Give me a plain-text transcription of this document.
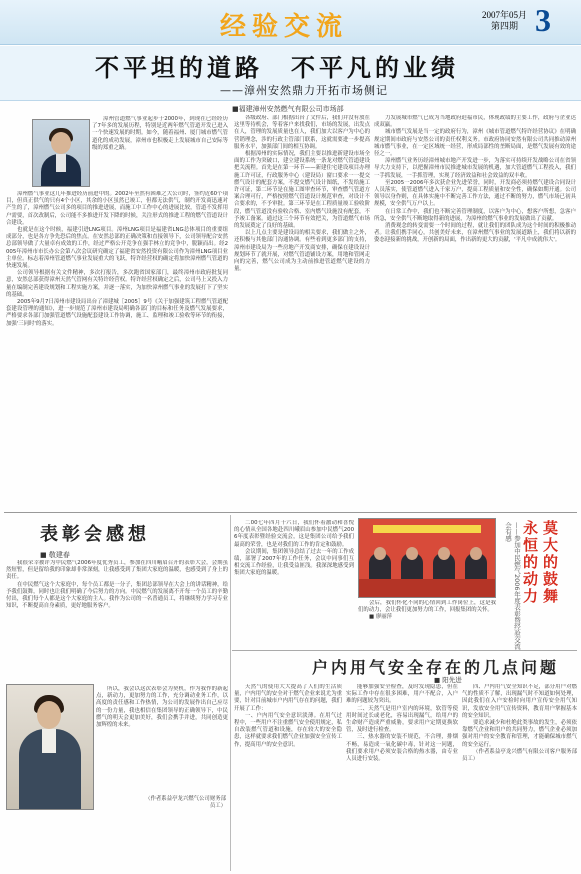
经验交流	2007年05月
第四期 3
不平坦的道路　不平凡的业绩
——漳州安然鼎力开拓市场侧记
■福建漳州安然燃气有限公司市场部

漳州管道燃气事业起步于2000年，到现在已经经历了7年多的发展历程，特别是近两年燃气管道开发已进入一个快速发展的时期。如今，随着福州、厦门城市燃气管道化的成功发展，漳州市也积极走上发展城市自己安际等级的郑重之路。

漳州燃气事业这几年推进经历前进中的。2002年至然有困难之大公司时，签约近60个项目，但真正供气的只有4个小区，其余的小区虽然已竣工，但都无法供气，制约开发商迅速对产生的了，漳州燃气公司多的项目的推进进展，而施工中工作中心的进展比较，管道不发挥用户需要，首次改制后，公司能不多推进开发下降的时候，关注形式的推进工程的燃气管道设计合建设。

也就是在这个时候，福建引进LNG项目。漳州LNG项目是福建省LNG总体项目的重要组成部分，也是各方争先恐后的焦点。在安然总部的正确决策和直接领导下，公司领导配合安然总部领导做了大量卓有成效的工作，经过严格公开竞争在强手林立的竞争中，脱颖而出。经2005年漳州市市长办公会第八次会议研究确定了福建省安然投资有限公司作为漳州LNG项目业主单位。标志着漳州管道燃气事业发展重大的飞跃，特许经营权的确定将加快漳州燃气管道的快速发展。

公司领导根据有关文件精神，多次打报告，多次跑省国家部门，最终漳州市政府批复同意，安然总部获得漳州天然气管网有关特许经营权。特许经营权确定之后，公司马上又投入力量在编制完善建设规划和工程实施方案，并逐一落实，为加快漳州燃气事业的发展打下了坚实的基础。

2005年9月7日漳州市建设局出台了漳建城［2005］9号《关于加强建筑工程燃气管道配套建设管理的通知》，进一步规范了漳州市建设局明确各部门的目标和任务及燃气发展要求，严格要求各部门加强管道燃气设施配套建设工作协调，施工、监理和竣工验收等环节的衔接，加强'三同时'的落实。

各级政府、部门根据出台了文件后，我们并没有放在这里等待机会，等着客户来找我们，市场的发展，出发点在人，管理的发展质量也在人，我们加大以客户为中心的营销理念，涉的行政主管部门联系，这就需要进一步提高服务水平，加强部门间的相互协调。

根据漳州的实际情况，我们主要以推进新建设市场全面的工作为突破口，建立建设系统一条龙对燃气管道建设把关流程。首先是在第一环节——新建住宅建设项目办理施工许可证，行政服务中心（建设局）窗口要求一一提交燃气设计的配套方案，不提交燃气设计图纸，不发给施工许可证，第二环节是在施工图审查环节，审查燃气管道方案合理可行，严格按照燃气管道设计规范审查，对设计不合要求的，不予审批。第三环节是在工程质量竣工验收阶段，燃气管道没有验收合格、室内燃气设施没有配套，不予竣工备案。通过这三个环节有效把关，为管道燃气市场的发展奠定了良好的基础。

以上几点主要是建设局的相关要求，我们做主之外，还积极与其他部门沟通协调。有些看到更多部门的支持，漳州市建设局为一些房地产开发商安排，确保在建设设计规划环节了就开展，对燃气管道铺设方案，用地和管网走向的完善，燃气公司成为主动前推进管道燃气建设的力量。

力发展城市燃气已成为当地政府迫福市民，体现政绩的主要工作，政府与企业达成双赢。

城市燃气发展是当一定的政府行为，漳州《城市管道燃气特许经营协议》在明确规定期间市政府与安然公司的责任权利义务。市政府协同安然有限公司共同推动漳州城市燃气事业，在一定区域统一经营，形成局部性的垄断局面，是燃气发展有效的途径之一。

漳州燃气业务历经漳州城市地产开发进一步，为落实可持续开发战略公司在省领导大力支持下，以把握漳州市民推进城市发展的机遇，加大管道燃气工程投入，我们一手抓发展，一手抓管理，实现了经济效益和社会效益的双丰收。

至2005一2006年多次获企业先进荣誉，同时，开发商必须持燃气建设合同设计人员落实，使管道燃气进入千家万户，提高工程质量和安全性，确保如期开通。公司领导以身作则，在具体实施中不断完善工作方法，通过不断的努力，燃气市场已初具规模，安全供气万户以上。

在日常工作中，我们也不断完善管理制度，以客户为中心，想客户所想，急客户所急，安全供气不断地取得新的进展，为漳州的燃气事业的发展做出了贡献。

消费观念的转变需要一个时间的过程，就让我们的团队成为这个时间的积极推动者。让我们携手同心，共创美好未来，在漳州燃气事业的发展道路上，我们将以新的姿态迎接新的挑战，开创新的局面，作出新的更大的贡献，'平凡中成就伟大'。

表彰会感想
■ 敬建春

我很荣幸被评为中民燃气2006年度优秀员工，参加在四川峨眉召开的表彰大会，会期虽然短暂，但是留给我的印象却非常深刻，让我感受到了集团大家庭的温暖，也感受到了身上的责任。

在中民燃气这个大家庭中，每个员工都是一分子，集团总部领导在大会上的讲话精神，给予我们鼓舞，同时也让我们明确了今后努力的方向。中民燃气的发展离不开每一个员工的辛勤付出，我们每个人都是这个大家庭的主人。我作为公司的一名普通员工，将继续努力学习专业知识，不断提高自身素质，更好地服务客户。

所以，我会以这次表彰会为契机，作为我作的新起点，新动力，更加努力的工作，充分调动业务工作，以高度的责任感和工作热情，为公司的发展作出自己应尽的一份力量，我也相信在集团领导的正确领导下，中民燃气的明天会更加美好，我们会携手并进，共同创造更加辉煌的未来。

（作者系益亭龙兴燃气公司财务部员工）

二00七年四月十六日，我们怀着激动和喜悦的心情从全国各地赴四川峨眉山参加中民燃气2006年度表彰暨经验交流会，这是集团公司给予我们最高的荣誉，也是对我们的工作的肯定和鼓励。

会议期间，集团领导总结了过去一年的工作成绩，部署了2007年的工作任务，会议中同事们互相交流工作经验，让我受益匪浅。我深深地感受到集团大家庭的温暖。	莫大的鼓舞
永恒的动力
——参加中民燃气2006年度表彰暨经验交流会有感

会后，我们怀化不同的心情回到工作岗位上，这是我们的动力，会让我们更加努力的工作，回报集团的关怀。

■ 廖丽萍

户内用气安全存在的几点问题
■ 阳先进

天然气的使用大大提高了人们的生活质量，户内用气的安全对于燃气企业来说尤为重要，针对目前城市户内用气存在的问题，我们开展了工作：

一、户内用气安全意识淡薄。在用气过程中，一些用户不注重燃气安全使用规定，私自改装燃气管道和设施，存在较大的安全隐患，这样就要求我们燃气企业加强安全宣传工作，提高用户的安全意识。

能够加强安全检查，及时发现隐患，但在实际工作中存在很多困难，用户不配合，入户难的问题较为突出。

二、天然气是用户室内的环境，软管等使用时间过长或老化，容易出现漏气，给用户的生命财产造成严重威胁，要求用户定期更换软管，及时进行检查。

三、热水器的安装不规范，不合理，排烟不畅，易造成一氧化碳中毒，针对这一问题，我们要求用户必须安装合格的热水器，由专业人员进行安装。

四、户内用气安全知识不足，部分用户对燃气的性质不了解，出现漏气时不知道如何处理，因此我们在入户安检时向用户宣传安全用气知识，发放安全用气宣传资料，教育用户掌握基本的安全知识。

要追求减少和杜绝此类事故的发生，必须依靠燃气企业和用户的共同努力，燃气企业必须加强对用户的安全教育和管理，才能确保城市燃气的安全运行。

（作者系益亭龙兴燃气有限公司客户服务部员工）
